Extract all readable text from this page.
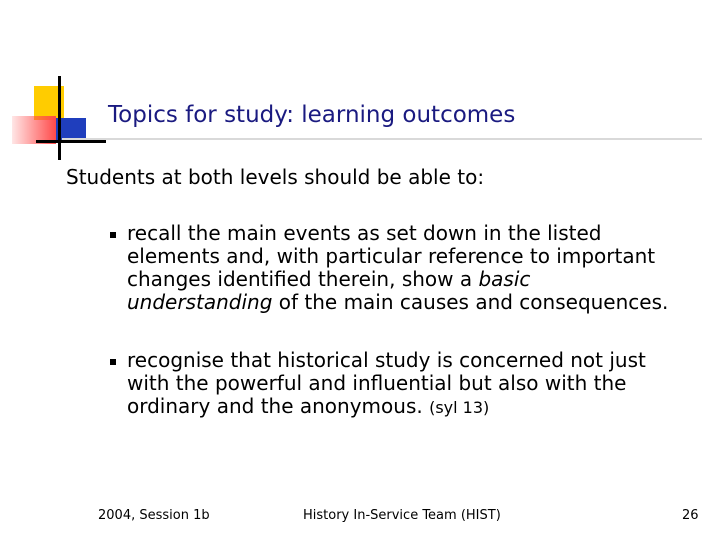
Topics for study: learning outcomes
Students at both levels should be able to:
recall the main events as set down in the listed elements and, with particular reference to important changes identified therein, show a basic understanding of the main causes and consequences.
recognise that historical study is concerned not just with the powerful and influential but also with the ordinary and the anonymous. (syl 13)
2004, Session 1b	History In-Service Team (HIST)	26
